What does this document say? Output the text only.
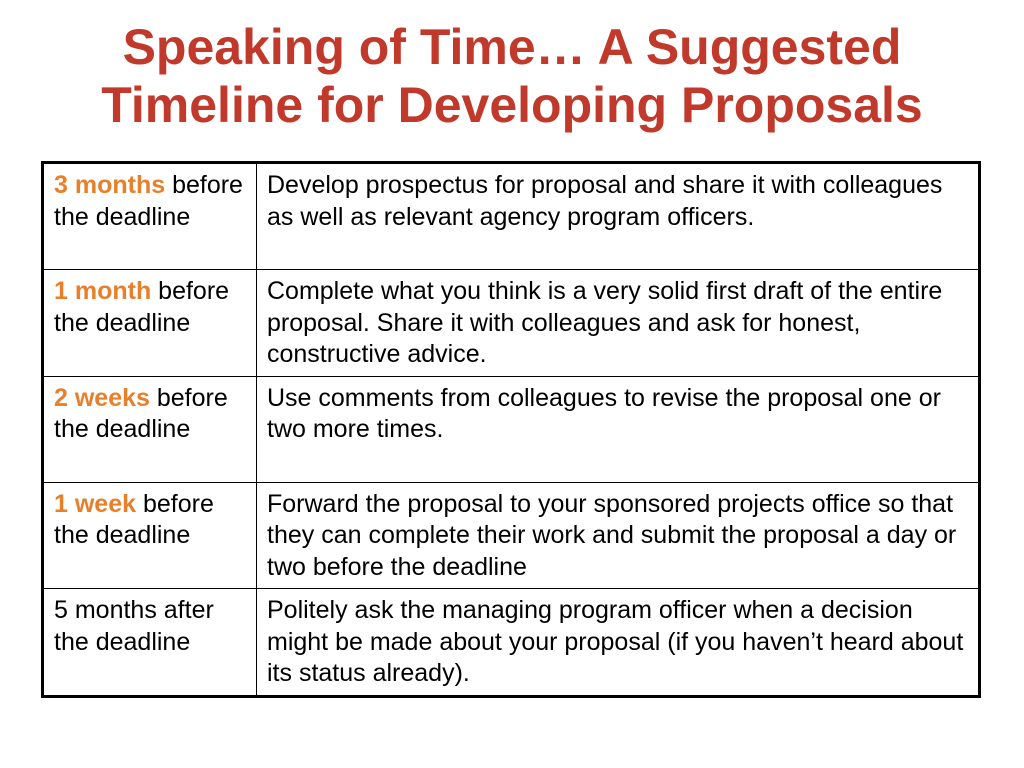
Speaking of Time… A Suggested
Timeline for Developing Proposals
3 months before the deadline	Develop prospectus for proposal and share it with colleagues as well as relevant agency program officers.
1 month before the deadline	Complete what you think is a very solid first draft of the entire proposal. Share it with colleagues and ask for honest, constructive advice.
2 weeks before the deadline	Use comments from colleagues to revise the proposal one or two more times.
1 week before the deadline	Forward the proposal to your sponsored projects office so that they can complete their work and submit the proposal a day or two before the deadline
5 months after the deadline	Politely ask the managing program officer when a decision might be made about your proposal (if you haven’t heard about its status already).
